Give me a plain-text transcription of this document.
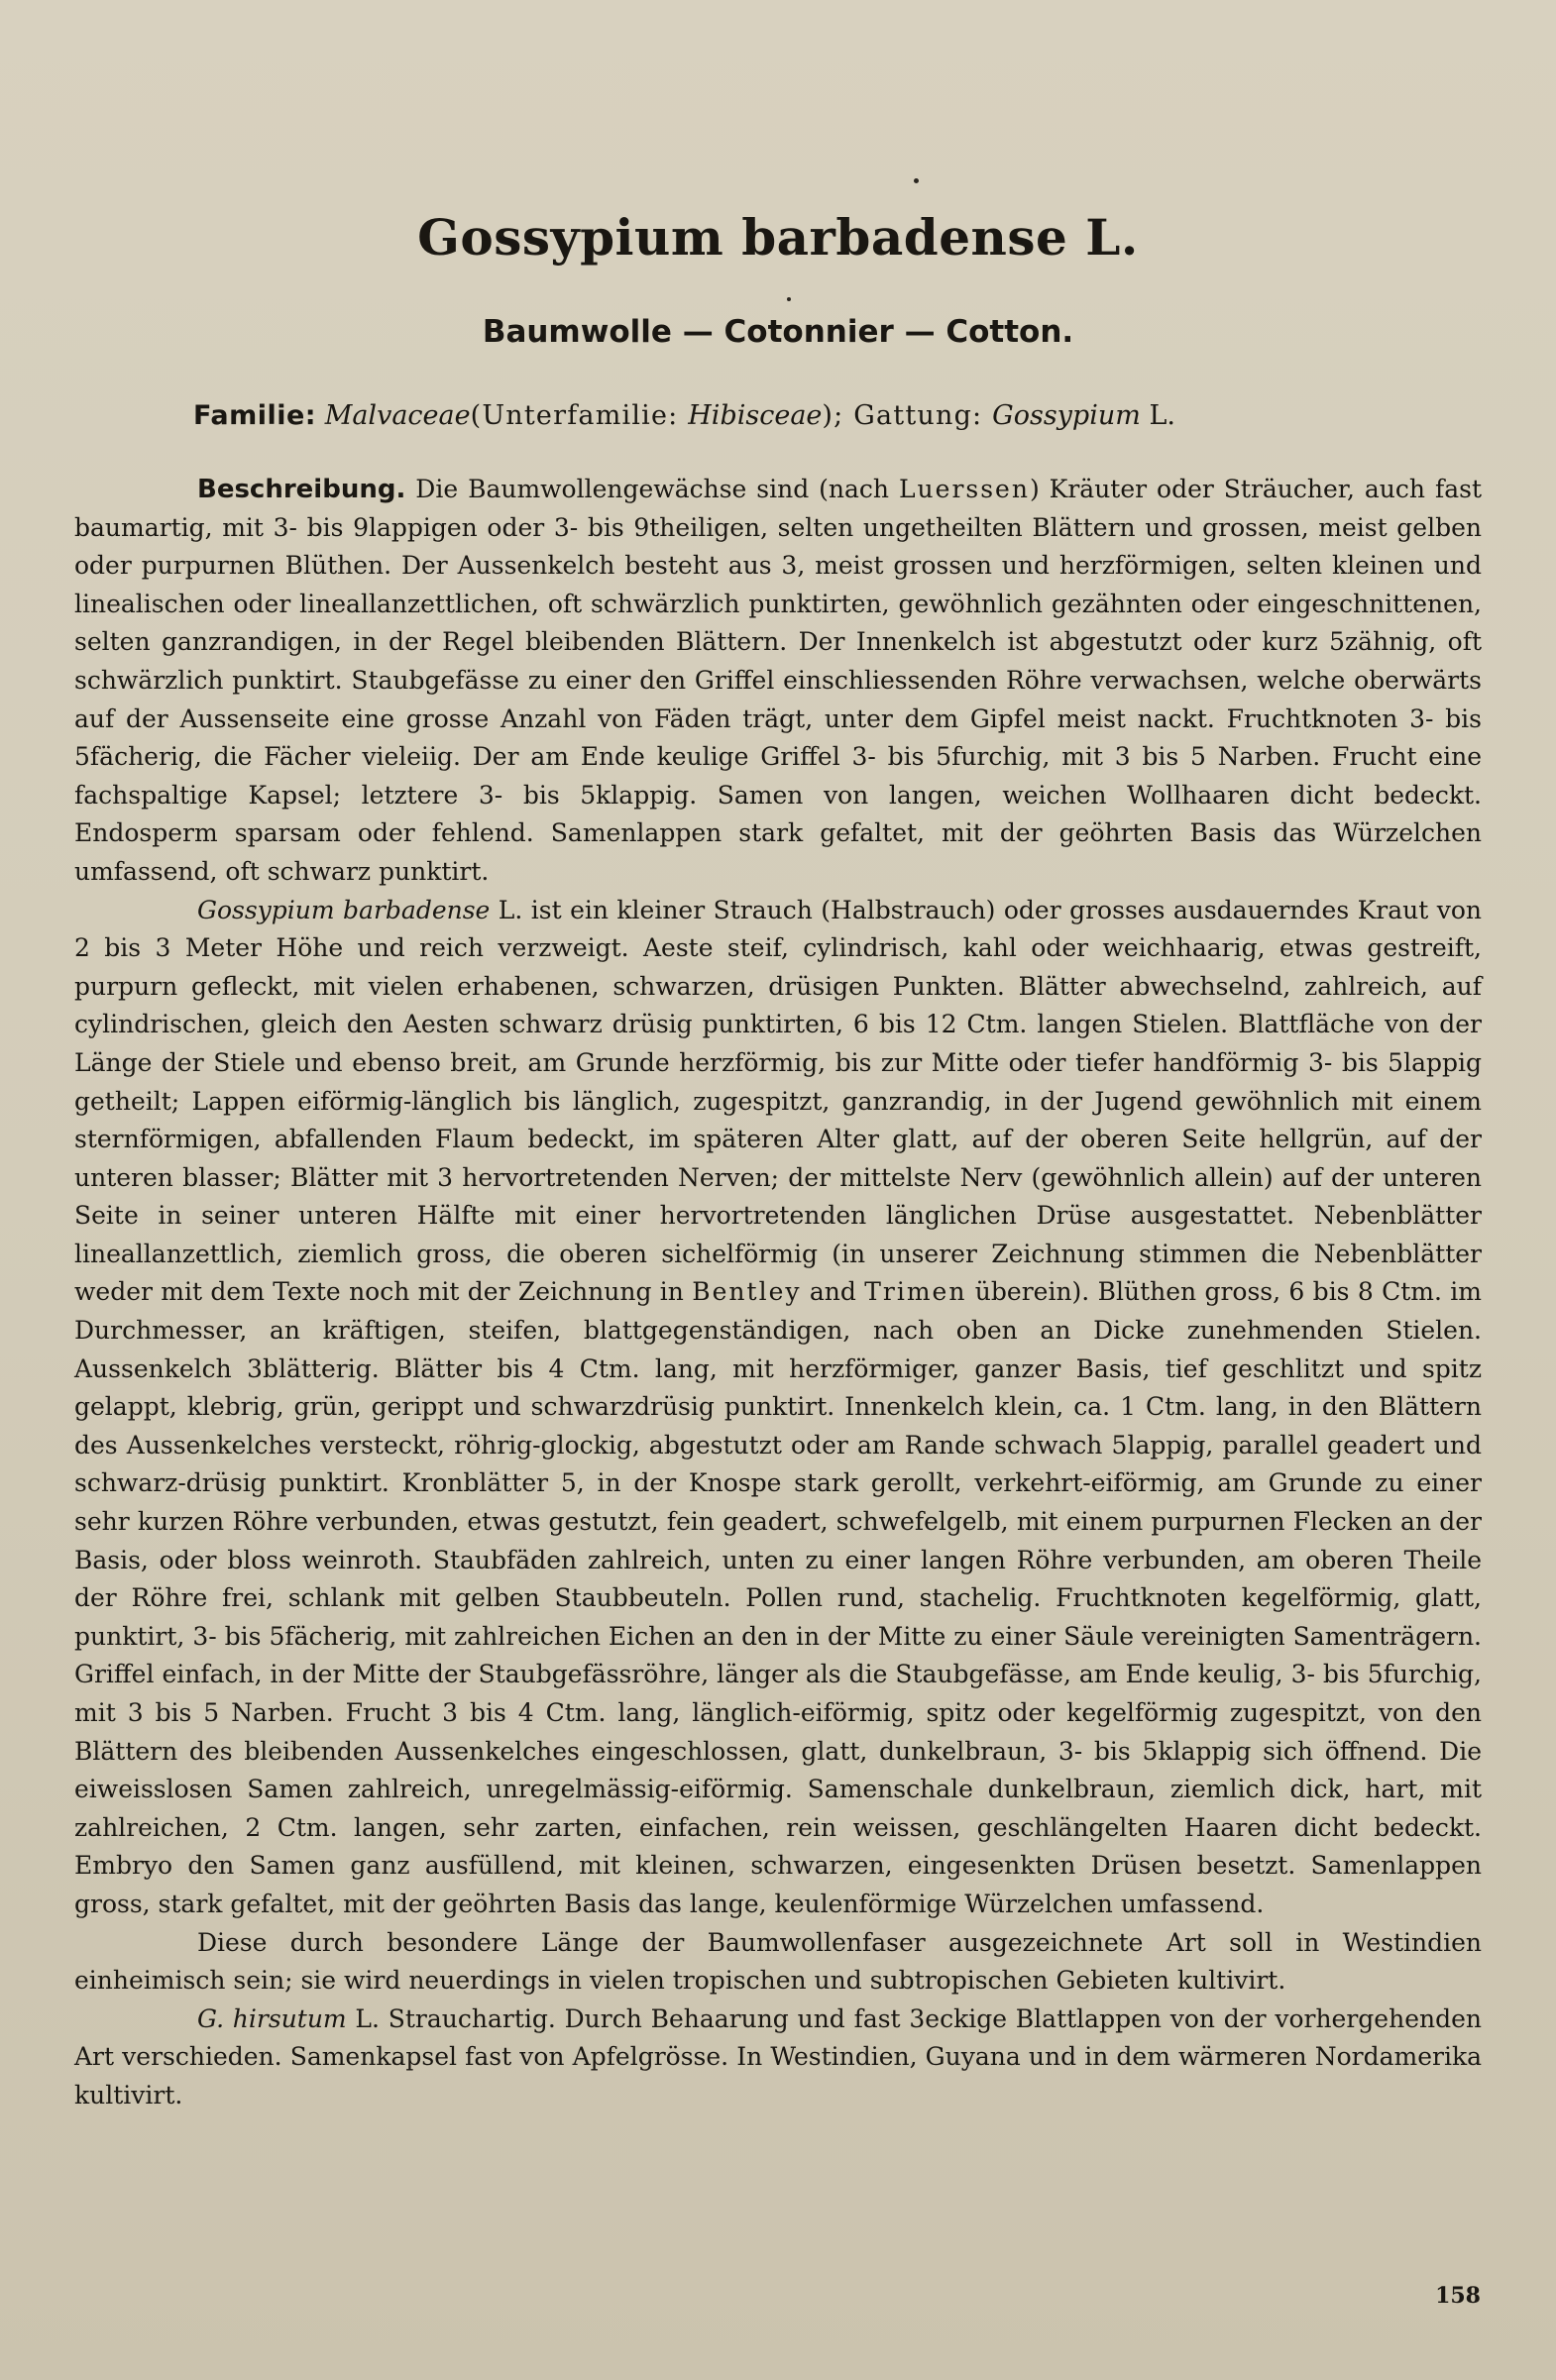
Gossypium barbadense L.
Baumwolle — Cotonnier — Cotton.

Familie: Malvaceae(Unterfamilie: Hibisceae); Gattung: Gossypium L.

Beschreibung. Die Baumwollengewächse sind (nach Luerssen) Kräuter oder Sträucher, auch fast baumartig, mit 3- bis 9lappigen oder 3- bis 9theiligen, selten ungetheilten Blättern und grossen, meist gelben oder purpurnen Blüthen. Der Aussenkelch besteht aus 3, meist grossen und herzförmigen, selten kleinen und linealischen oder lineallanzettlichen, oft schwärzlich punktirten, gewöhnlich gezähnten oder eingeschnittenen, selten ganzrandigen, in der Regel bleibenden Blättern. Der Innenkelch ist abgestutzt oder kurz 5zähnig, oft schwärzlich punktirt. Staubgefässe zu einer den Griffel einschliessenden Röhre verwachsen, welche oberwärts auf der Aussenseite eine grosse Anzahl von Fäden trägt, unter dem Gipfel meist nackt. Fruchtknoten 3- bis 5fächerig, die Fächer vieleiig. Der am Ende keulige Griffel 3- bis 5furchig, mit 3 bis 5 Narben. Frucht eine fachspaltige Kapsel; letztere 3- bis 5klappig. Samen von langen, weichen Wollhaaren dicht bedeckt. Endosperm sparsam oder fehlend. Samenlappen stark gefaltet, mit der geöhrten Basis das Würzelchen umfassend, oft schwarz punktirt.

Gossypium barbadense L. ist ein kleiner Strauch (Halbstrauch) oder grosses ausdauerndes Kraut von 2 bis 3 Meter Höhe und reich verzweigt. Aeste steif, cylindrisch, kahl oder weichhaarig, etwas gestreift, purpurn gefleckt, mit vielen erhabenen, schwarzen, drüsigen Punkten. Blätter abwechselnd, zahlreich, auf cylindrischen, gleich den Aesten schwarz drüsig punktirten, 6 bis 12 Ctm. langen Stielen. Blattfläche von der Länge der Stiele und ebenso breit, am Grunde herzförmig, bis zur Mitte oder tiefer handförmig 3- bis 5lappig getheilt; Lappen eiförmig-länglich bis länglich, zugespitzt, ganzrandig, in der Jugend gewöhnlich mit einem sternförmigen, abfallenden Flaum bedeckt, im späteren Alter glatt, auf der oberen Seite hellgrün, auf der unteren blasser; Blätter mit 3 hervortretenden Nerven; der mittelste Nerv (gewöhnlich allein) auf der unteren Seite in seiner unteren Hälfte mit einer hervortretenden länglichen Drüse ausgestattet. Nebenblätter lineallanzettlich, ziemlich gross, die oberen sichelförmig (in unserer Zeichnung stimmen die Nebenblätter weder mit dem Texte noch mit der Zeichnung in Bentley and Trimen überein). Blüthen gross, 6 bis 8 Ctm. im Durchmesser, an kräftigen, steifen, blattgegenständigen, nach oben an Dicke zunehmenden Stielen. Aussenkelch 3blätterig. Blätter bis 4 Ctm. lang, mit herzförmiger, ganzer Basis, tief geschlitzt und spitz gelappt, klebrig, grün, gerippt und schwarzdrüsig punktirt. Innenkelch klein, ca. 1 Ctm. lang, in den Blättern des Aussenkelches versteckt, röhrig-glockig, abgestutzt oder am Rande schwach 5lappig, parallel geadert und schwarz-drüsig punktirt. Kronblätter 5, in der Knospe stark gerollt, verkehrt-eiförmig, am Grunde zu einer sehr kurzen Röhre verbunden, etwas gestutzt, fein geadert, schwefelgelb, mit einem purpurnen Flecken an der Basis, oder bloss weinroth. Staubfäden zahlreich, unten zu einer langen Röhre verbunden, am oberen Theile der Röhre frei, schlank mit gelben Staubbeuteln. Pollen rund, stachelig. Fruchtknoten kegelförmig, glatt, punktirt, 3- bis 5fächerig, mit zahlreichen Eichen an den in der Mitte zu einer Säule vereinigten Samenträgern. Griffel einfach, in der Mitte der Staubgefässröhre, länger als die Staubgefässe, am Ende keulig, 3- bis 5furchig, mit 3 bis 5 Narben. Frucht 3 bis 4 Ctm. lang, länglich-eiförmig, spitz oder kegelförmig zugespitzt, von den Blättern des bleibenden Aussenkelches eingeschlossen, glatt, dunkelbraun, 3- bis 5klappig sich öffnend. Die eiweisslosen Samen zahlreich, unregelmässig-eiförmig. Samenschale dunkelbraun, ziemlich dick, hart, mit zahlreichen, 2 Ctm. langen, sehr zarten, einfachen, rein weissen, geschlängelten Haaren dicht bedeckt. Embryo den Samen ganz ausfüllend, mit kleinen, schwarzen, eingesenkten Drüsen besetzt. Samenlappen gross, stark gefaltet, mit der geöhrten Basis das lange, keulenförmige Würzelchen umfassend.

Diese durch besondere Länge der Baumwollenfaser ausgezeichnete Art soll in Westindien einheimisch sein; sie wird neuerdings in vielen tropischen und subtropischen Gebieten kultivirt.

G. hirsutum L. Strauchartig. Durch Behaarung und fast 3eckige Blattlappen von der vorhergehenden Art verschieden. Samenkapsel fast von Apfelgrösse. In Westindien, Guyana und in dem wärmeren Nordamerika kultivirt.

158
